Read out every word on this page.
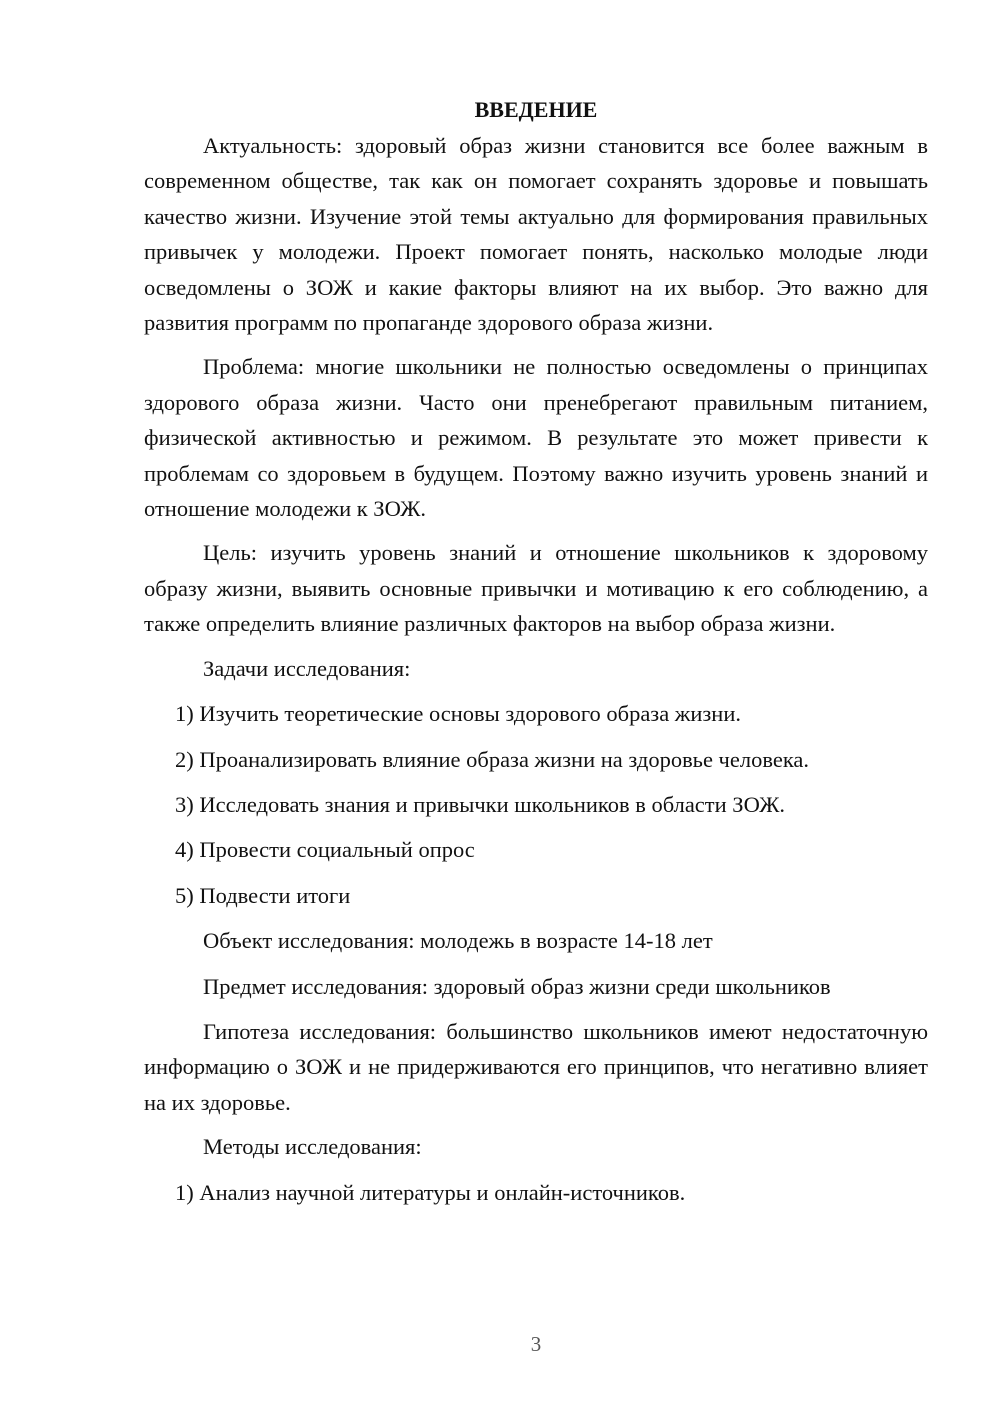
ВВЕДЕНИЕ

Актуальность: здоровый образ жизни становится все более важным в современном обществе, так как он помогает сохранять здоровье и повышать качество жизни. Изучение этой темы актуально для формирования правильных привычек у молодежи. Проект помогает понять, насколько молодые люди осведомлены о ЗОЖ и какие факторы влияют на их выбор. Это важно для развития программ по пропаганде здорового образа жизни.

Проблема: многие школьники не полностью осведомлены о принципах здорового образа жизни. Часто они пренебрегают правильным питанием, физической активностью и режимом. В результате это может привести к проблемам со здоровьем в будущем. Поэтому важно изучить уровень знаний и отношение молодежи к ЗОЖ.

Цель: изучить уровень знаний и отношение школьников к здоровому образу жизни, выявить основные привычки и мотивацию к его соблюдению, а также определить влияние различных факторов на выбор образа жизни.

Задачи исследования:

1) Изучить теоретические основы здорового образа жизни.

2) Проанализировать влияние образа жизни на здоровье человека.

3) Исследовать знания и привычки школьников в области ЗОЖ.

4) Провести социальный опрос

5) Подвести итоги

Объект исследования: молодежь в возрасте 14-18 лет

Предмет исследования: здоровый образ жизни среди школьников

Гипотеза исследования: большинство школьников имеют недостаточную информацию о ЗОЖ и не придерживаются его принципов, что негативно влияет на их здоровье.

Методы исследования:

1) Анализ научной литературы и онлайн-источников.

3
